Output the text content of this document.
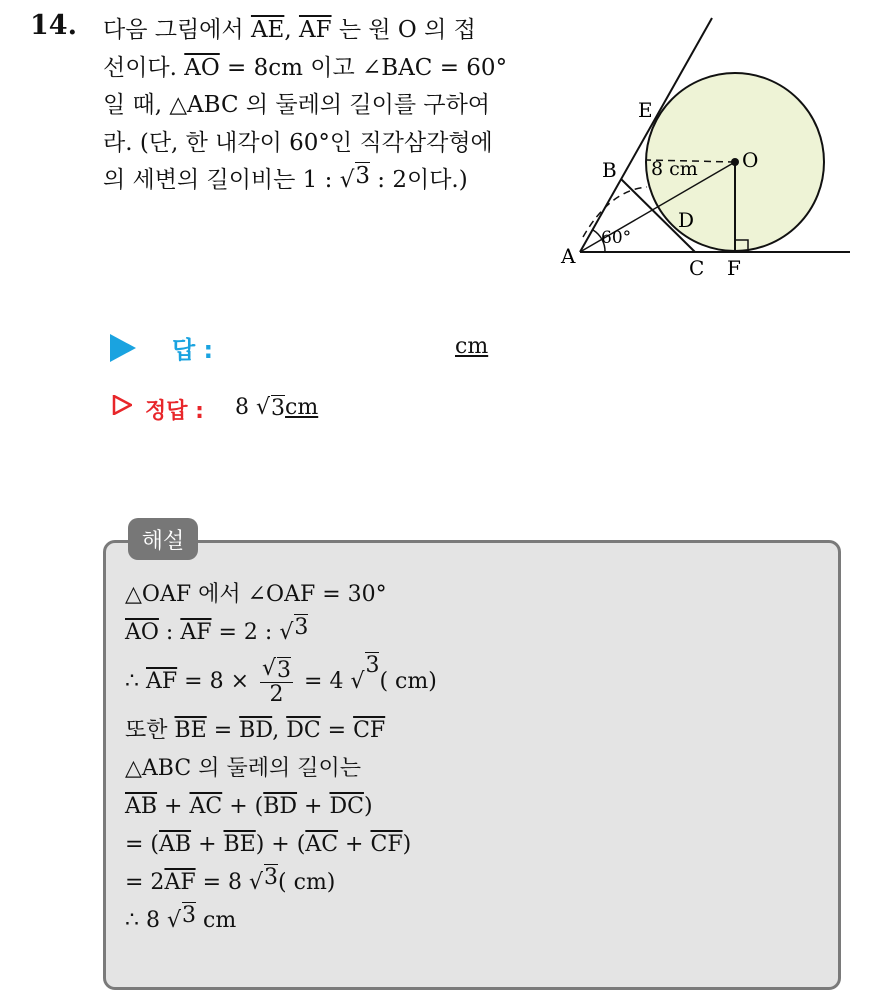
14. 다음 그림에서 $\overline{AE}$, $\overline{AF}$ 는 원 O 의 접
선이다. $\overline{AO} = 8cm$ 이고 ∠BAC = 60°
일 때, △ABC 의 둘레의 길이를 구하여
라. (단, 한 내각이 60°인 직각삼각형에
의 세변의 길이비는 1 : √ 3 : 2이다.)
E
B	O
8 cm
D
60°
A	C F
답 :	cm
정답 : 8 √ 3 cm
해설
△OAF 에서 ∠OAF = 30°
$\overline{AO}$ : $\overline{AF} = 2$ : √ 3
∴ $\overline{AF} = 8 \times \frac{√ 3}{2} = 4$ √
3
( cm)
또한 $\overline{BE} = \overline{BD}$, $\overline{DC} = \overline{CF}$
△ABC 의 둘레의 길이는
$\overline{AB} + \overline{AC} + (\overline{BD} + \overline{DC})$
= $(\overline{AB} + \overline{BE}) + (\overline{AC} + \overline{CF})$
= $2\overline{AF} = 8$ √ 3 ( cm)
∴ 8 √ 3 cm
